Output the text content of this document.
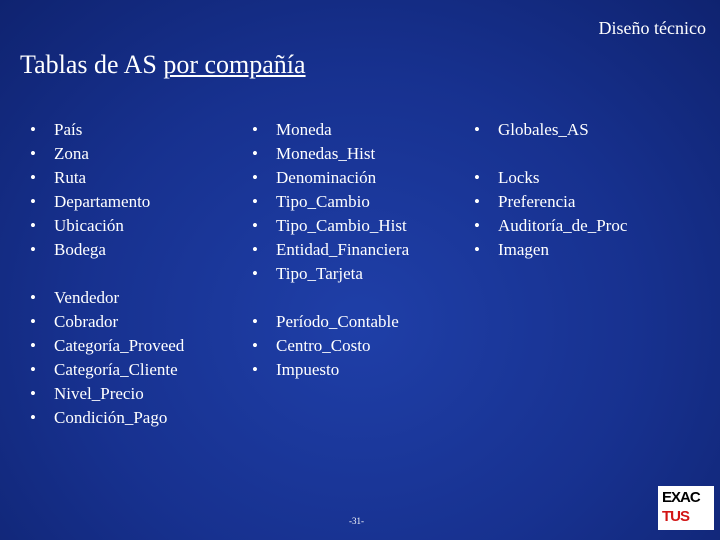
Diseño técnico
Tablas de AS por compañía
• País
• Zona
• Ruta
• Departamento
• Ubicación
• Bodega
• Vendedor
• Cobrador
• Categoría_Proveed
• Categoría_Cliente
• Nivel_Precio
• Condición_Pago
• Moneda
• Monedas_Hist
• Denominación
• Tipo_Cambio
• Tipo_Cambio_Hist
• Entidad_Financiera
• Tipo_Tarjeta
• Período_Contable
• Centro_Costo
• Impuesto
• Globales_AS
• Locks
• Preferencia
• Auditoría_de_Proc
• Imagen
-31-
EXAC
TUS
